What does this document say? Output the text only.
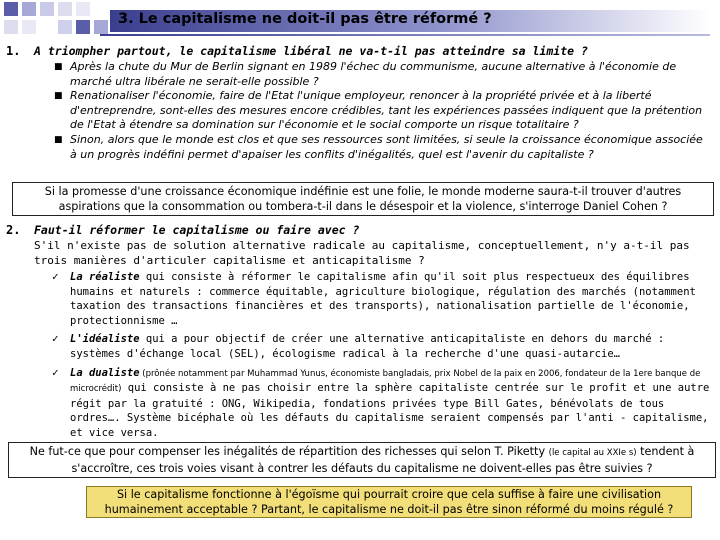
3. Le capitalisme ne doit-il pas être réformé ?
1. A triompher partout, le capitalisme libéral ne va-t-il pas atteindre sa limite ?
■ Après la chute du Mur de Berlin signant en 1989 l'échec du communisme, aucune alternative à l'économie de marché ultra libérale ne serait-elle possible ?
■ Renationaliser l'économie, faire de l'Etat l'unique employeur, renoncer à la propriété privée et à la liberté d'entreprendre, sont-elles des mesures encore crédibles, tant les expériences passées indiquent que la prétention de l'Etat à étendre sa domination sur l'économie et le social comporte un risque totalitaire ?
■ Sinon, alors que le monde est clos et que ses ressources sont limitées, si seule la croissance économique associée à un progrès indéfini permet d'apaiser les conflits d'inégalités, quel est l'avenir du capitaliste ?
Si la promesse d'une croissance économique indéfinie est une folie, le monde moderne saura-t-il trouver d'autres aspirations que la consommation ou tombera-t-il dans le désespoir et la violence, s'interroge Daniel Cohen ?
2. Faut-il réformer le capitalisme ou faire avec ?
S'il n'existe pas de solution alternative radicale au capitalisme, conceptuellement, n'y a-t-il pas trois manières d'articuler capitalisme et anticapitalisme ?
✓ La réaliste qui consiste à réformer le capitalisme afin qu'il soit plus respectueux des équilibres humains et naturels : commerce équitable, agriculture biologique, régulation des marchés (notamment taxation des transactions financières et des transports), nationalisation partielle de l'économie, protectionnisme …
✓ L'idéaliste qui a pour objectif de créer une alternative anticapitaliste en dehors du marché : systèmes d'échange local (SEL), écologisme radical à la recherche d'une quasi-autarcie…
✓ La dualiste (prônée notamment par Muhammad Yunus, économiste bangladais, prix Nobel de la paix en 2006, fondateur de la 1ere banque de microcrédit) qui consiste à ne pas choisir entre la sphère capitaliste centrée sur le profit et une autre régit par la gratuité : ONG, Wikipedia, fondations privées type Bill Gates, bénévolats de tous ordres…. Système bicéphale où les défauts du capitalisme seraient compensés par l'anti - capitalisme, et vice versa.
Ne fut-ce que pour compenser les inégalités de répartition des richesses qui selon T. Piketty (le capital au XXIe s) tendent à s'accroître, ces trois voies visant à contrer les défauts du capitalisme ne doivent-elles pas être suivies ?
Si le capitalisme fonctionne à l'égoïsme qui pourrait croire que cela suffise à faire une civilisation humainement acceptable ? Partant, le capitalisme ne doit-il pas être sinon réformé du moins régulé ?
